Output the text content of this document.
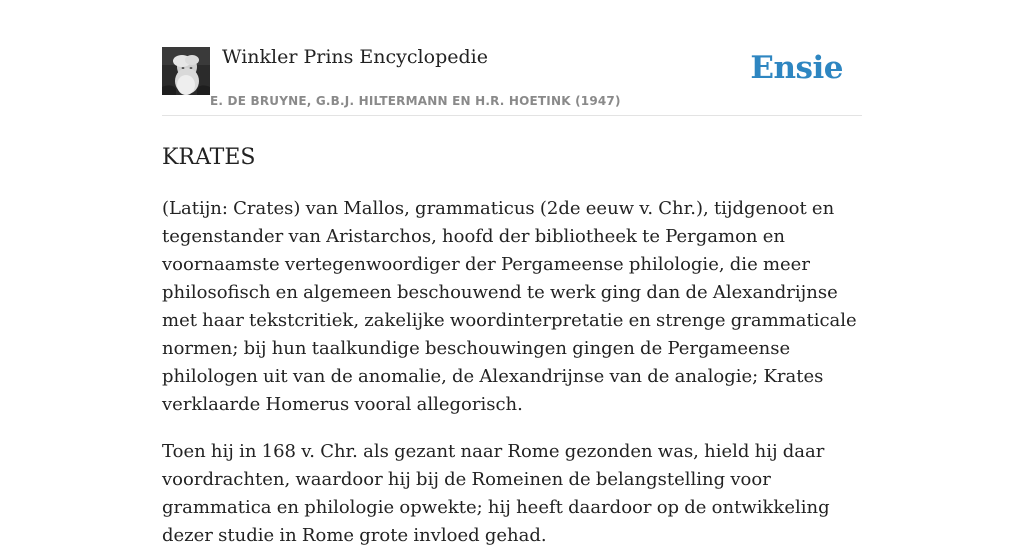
Winkler Prins Encyclopedie
E. DE BRUYNE, G.B.J. HILTERMANN EN H.R. HOETINK (1947)
Ensie
KRATES

(Latijn: Crates) van Mallos, grammaticus (2de eeuw v. Chr.), tijdgenoot en tegenstander van Aristarchos, hoofd der bibliotheek te Pergamon en voornaamste vertegenwoordiger der Pergameense philologie, die meer philosofisch en algemeen beschouwend te werk ging dan de Alexandrijnse met haar tekstcritiek, zakelijke woordinterpretatie en strenge grammaticale normen; bij hun taalkundige beschouwingen gingen de Pergameense philologen uit van de anomalie, de Alexandrijnse van de analogie; Krates verklaarde Homerus vooral allegorisch.

Toen hij in 168 v. Chr. als gezant naar Rome gezonden was, hield hij daar voordrachten, waardoor hij bij de Romeinen de belangstelling voor grammatica en philologie opwekte; hij heeft daardoor op de ontwikkeling dezer studie in Rome grote invloed gehad.
